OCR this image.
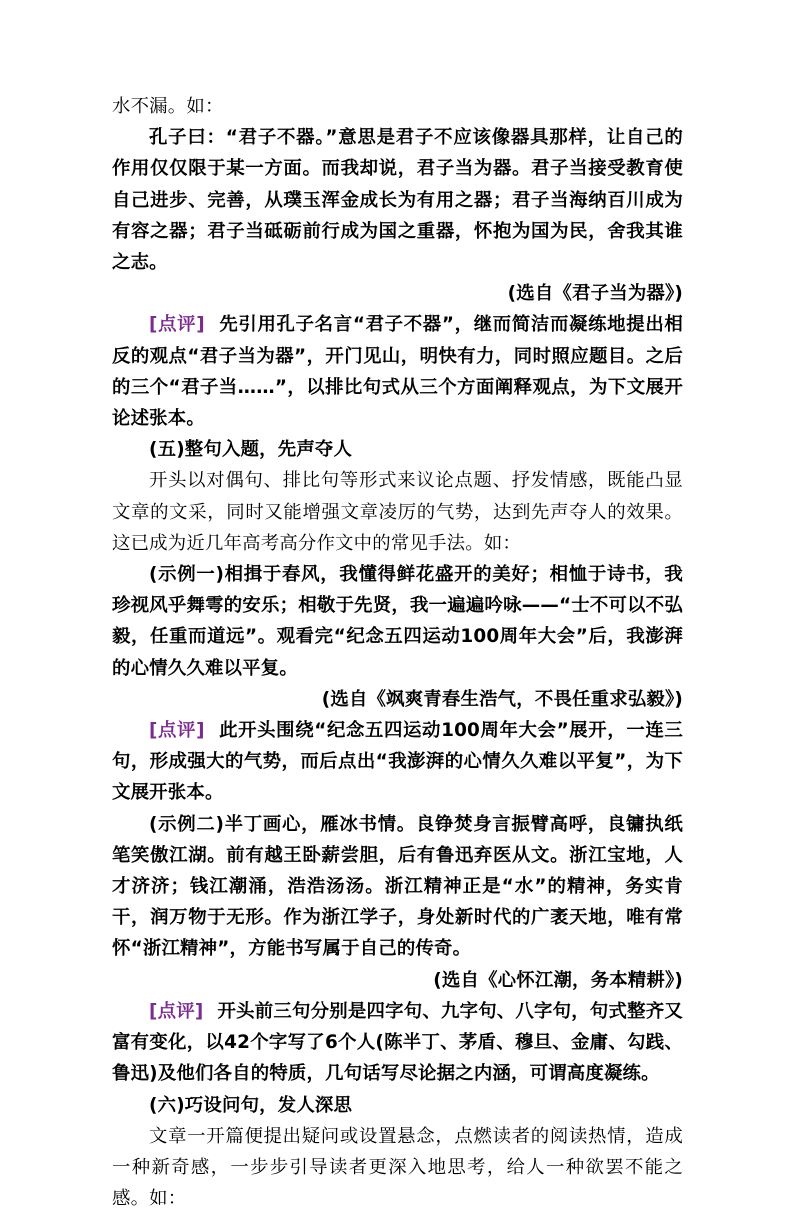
水不漏。如：

孔子曰：“君子不器。”意思是君子不应该像器具那样，让自己的作用仅仅限于某一方面。而我却说，君子当为器。君子当接受教育使自己进步、完善，从璞玉浑金成长为有用之器；君子当海纳百川成为有容之器；君子当砥砺前行成为国之重器，怀抱为国为民，舍我其谁之志。

(选自《君子当为器》)

[点评] 先引用孔子名言“君子不器”，继而简洁而凝练地提出相反的观点“君子当为器”，开门见山，明快有力，同时照应题目。之后的三个“君子当……”，以排比句式从三个方面阐释观点，为下文展开论述张本。

(五)整句入题，先声夺人

开头以对偶句、排比句等形式来议论点题、抒发情感，既能凸显文章的文采，同时又能增强文章凌厉的气势，达到先声夺人的效果。这已成为近几年高考高分作文中的常见手法。如：

(示例一)相揖于春风，我懂得鲜花盛开的美好；相恤于诗书，我珍视风乎舞雩的安乐；相敬于先贤，我一遍遍吟咏——“士不可以不弘毅，任重而道远”。观看完“纪念五四运动100周年大会”后，我澎湃的心情久久难以平复。

(选自《飒爽青春生浩气，不畏任重求弘毅》)

[点评] 此开头围绕“纪念五四运动100周年大会”展开，一连三句，形成强大的气势，而后点出“我澎湃的心情久久难以平复”，为下文展开张本。

(示例二)半丁画心，雁冰书情。良铮焚身言振臂高呼，良镛执纸笔笑傲江湖。前有越王卧薪尝胆，后有鲁迅弃医从文。浙江宝地，人才济济；钱江潮涌，浩浩汤汤。浙江精神正是“水”的精神，务实肯干，润万物于无形。作为浙江学子，身处新时代的广袤天地，唯有常怀“浙江精神”，方能书写属于自己的传奇。

(选自《心怀江潮，务本精耕》)

[点评] 开头前三句分别是四字句、九字句、八字句，句式整齐又富有变化，以42个字写了6个人(陈半丁、茅盾、穆旦、金庸、勾践、鲁迅)及他们各自的特质，几句话写尽论据之内涵，可谓高度凝练。

(六)巧设问句，发人深思

文章一开篇便提出疑问或设置悬念，点燃读者的阅读热情，造成一种新奇感，一步步引导读者更深入地思考，给人一种欲罢不能之感。如：
